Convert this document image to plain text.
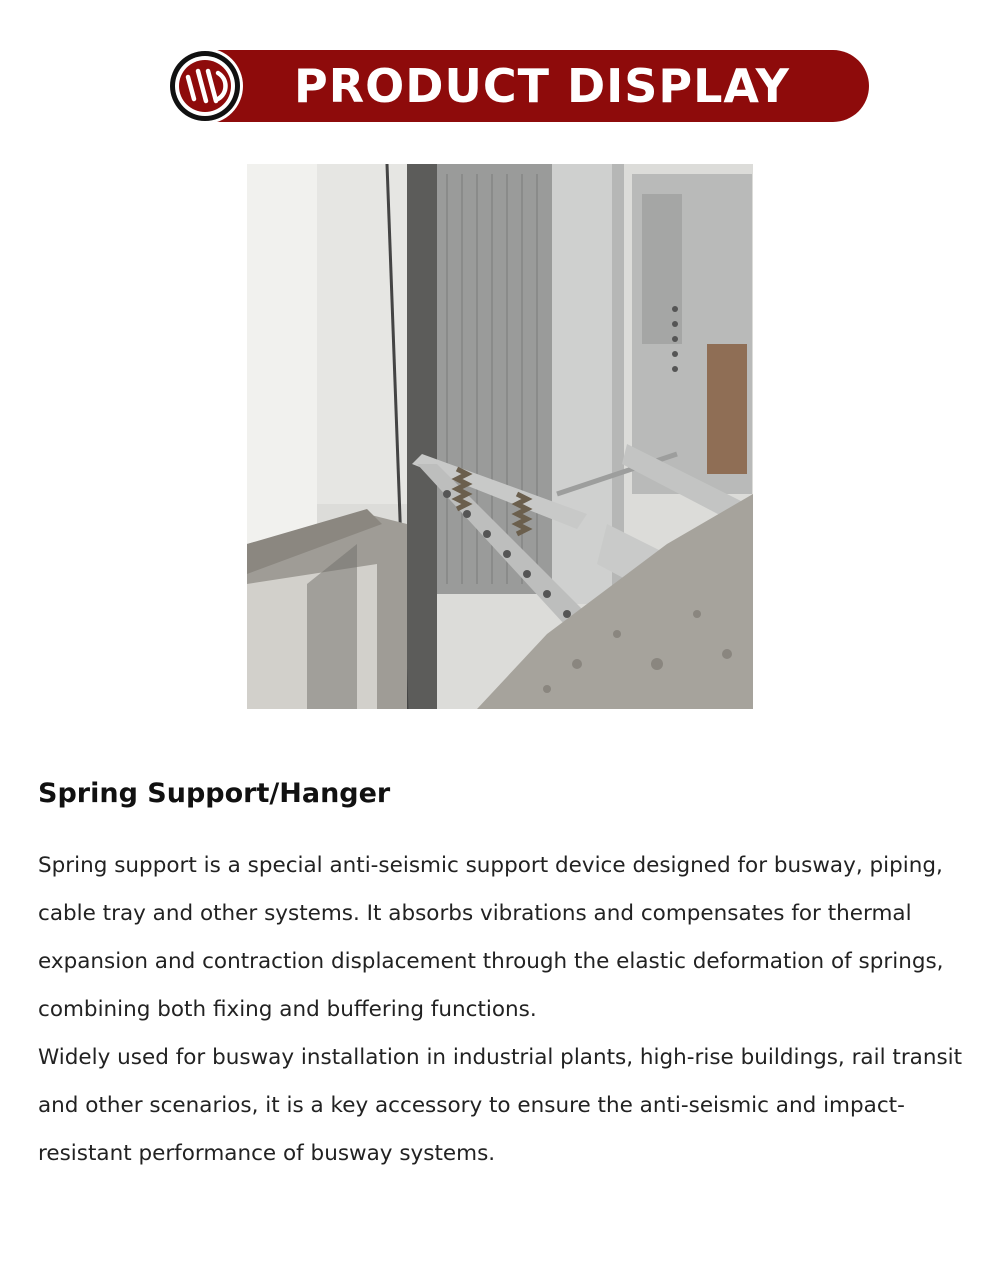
PRODUCT DISPLAY
Spring Support/Hanger

Spring support is a special anti-seismic support device designed for busway, piping, cable tray and other systems. It absorbs vibrations and compensates for thermal expansion and contraction displacement through the elastic deformation of springs, combining both fixing and buffering functions.

Widely used for busway installation in industrial plants, high-rise buildings, rail transit and other scenarios, it is a key accessory to ensure the anti-seismic and impact-resistant performance of busway systems.
